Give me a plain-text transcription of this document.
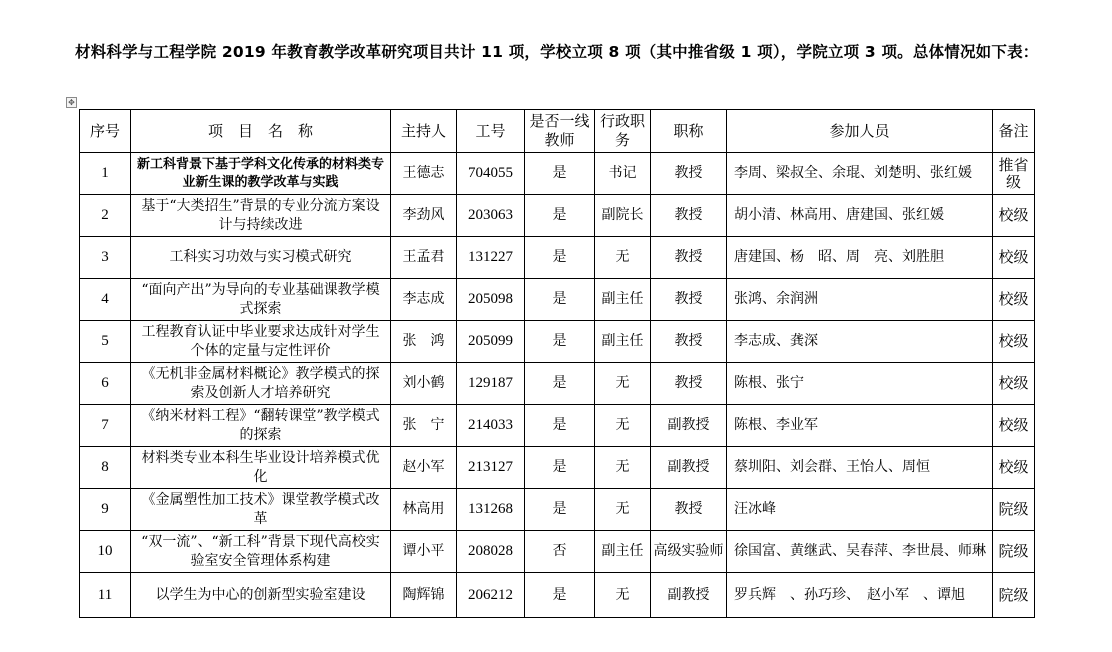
材料科学与工程学院 2019 年教育教学改革研究项目共计 11 项，学校立项 8 项（其中推省级 1 项），学院立项 3 项。总体情况如下表：

✥
序号	项　目　名　称	主持人	工号	是否一线教师	行政职务	职称	参加人员	备注
1	新工科背景下基于学科文化传承的材料类专业新生课的教学改革与实践	王德志	704055	是	书记	教授	李周、梁叔全、余琨、刘楚明、张红媛	推省级
2	基于“大类招生”背景的专业分流方案设计与持续改进	李劲风	203063	是	副院长	教授	胡小清、林高用、唐建国、张红媛	校级
3	工科实习功效与实习模式研究	王孟君	131227	是	无	教授	唐建国、杨　昭、周　亮、刘胜胆	校级
4	“面向产出”为导向的专业基础课教学模式探索	李志成	205098	是	副主任	教授	张鸿、余润洲	校级
5	工程教育认证中毕业要求达成针对学生个体的定量与定性评价	张　鸿	205099	是	副主任	教授	李志成、龚深	校级
6	《无机非金属材料概论》教学模式的探索及创新人才培养研究	刘小鹤	129187	是	无	教授	陈根、张宁	校级
7	《纳米材料工程》“翻转课堂”教学模式的探索	张　宁	214033	是	无	副教授	陈根、李业军	校级
8	材料类专业本科生毕业设计培养模式优化	赵小军	213127	是	无	副教授	蔡圳阳、刘会群、王怡人、周恒	校级
9	《金属塑性加工技术》课堂教学模式改革	林高用	131268	是	无	教授	汪冰峰	院级
10	“双一流”、“新工科”背景下现代高校实验室安全管理体系构建	谭小平	208028	否	副主任	高级实验师	徐国富、黄继武、吴春萍、李世晨、师琳	院级
11	以学生为中心的创新型实验室建设	陶辉锦	206212	是	无	副教授	罗兵辉　、孙巧珍、　赵小军　、谭旭	院级
